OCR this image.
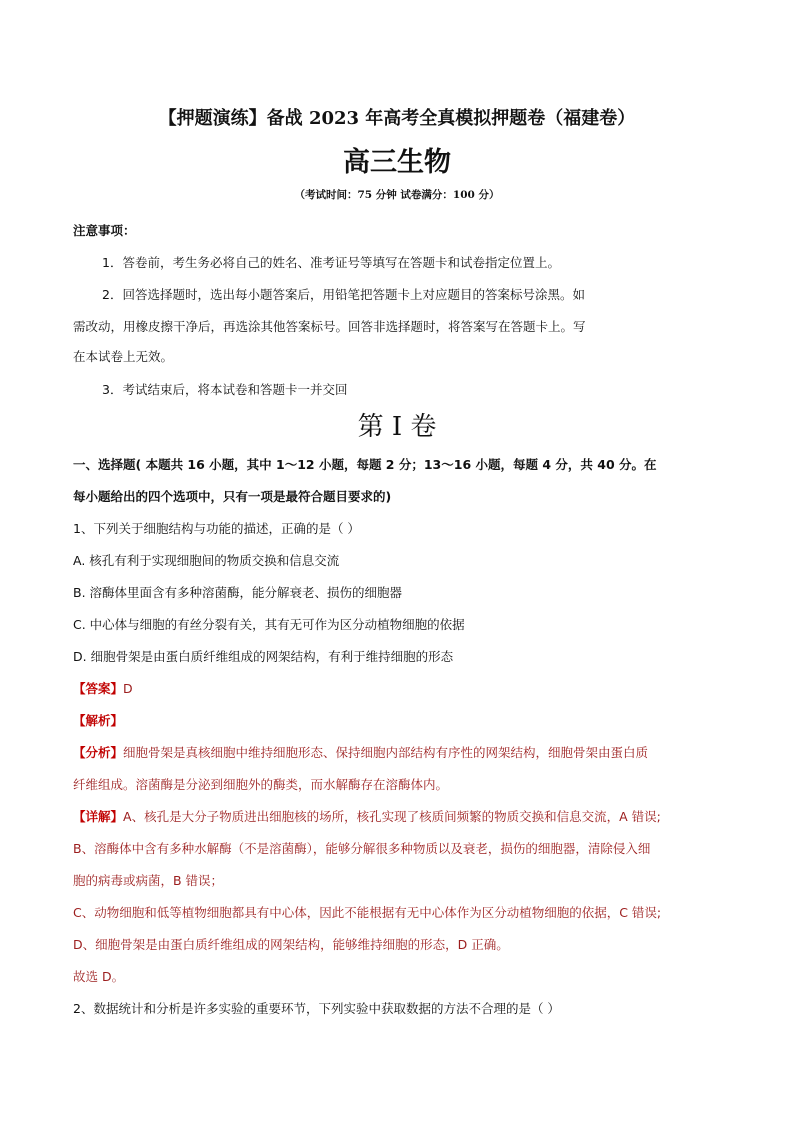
【押题演练】备战 2023 年高考全真模拟押题卷（福建卷）
高三生物
（考试时间：75 分钟 试卷满分：100 分）
注意事项：
1．答卷前，考生务必将自己的姓名、准考证号等填写在答题卡和试卷指定位置上。
2．回答选择题时，选出每小题答案后，用铅笔把答题卡上对应题目的答案标号涂黑。如
需改动，用橡皮擦干净后，再选涂其他答案标号。回答非选择题时，将答案写在答题卡上。写
在本试卷上无效。
3．考试结束后，将本试卷和答题卡一并交回
第 I 卷
一、选择题( 本题共 16 小题，其中 1～12 小题，每题 2 分；13～16 小题，每题 4 分，共 40 分。在
每小题给出的四个选项中，只有一项是最符合题目要求的)
1、下列关于细胞结构与功能的描述，正确的是（ ）
A. 核孔有利于实现细胞间的物质交换和信息交流
B. 溶酶体里面含有多种溶菌酶，能分解衰老、损伤的细胞器
C. 中心体与细胞的有丝分裂有关，其有无可作为区分动植物细胞的依据
D. 细胞骨架是由蛋白质纤维组成的网架结构，有利于维持细胞的形态
【答案】D
【解析】
【分析】细胞骨架是真核细胞中维持细胞形态、保持细胞内部结构有序性的网架结构，细胞骨架由蛋白质
纤维组成。溶菌酶是分泌到细胞外的酶类，而水解酶存在溶酶体内。
【详解】A、核孔是大分子物质进出细胞核的场所，核孔实现了核质间频繁的物质交换和信息交流，A 错误;
B、溶酶体中含有多种水解酶（不是溶菌酶），能够分解很多种物质以及衰老，损伤的细胞器，清除侵入细
胞的病毒或病菌，B 错误；
C、动物细胞和低等植物细胞都具有中心体，因此不能根据有无中心体作为区分动植物细胞的依据，C 错误;
D、细胞骨架是由蛋白质纤维组成的网架结构，能够维持细胞的形态，D 正确。
故选 D。
2、数据统计和分析是许多实验的重要环节，下列实验中获取数据的方法不合理的是（ ）
